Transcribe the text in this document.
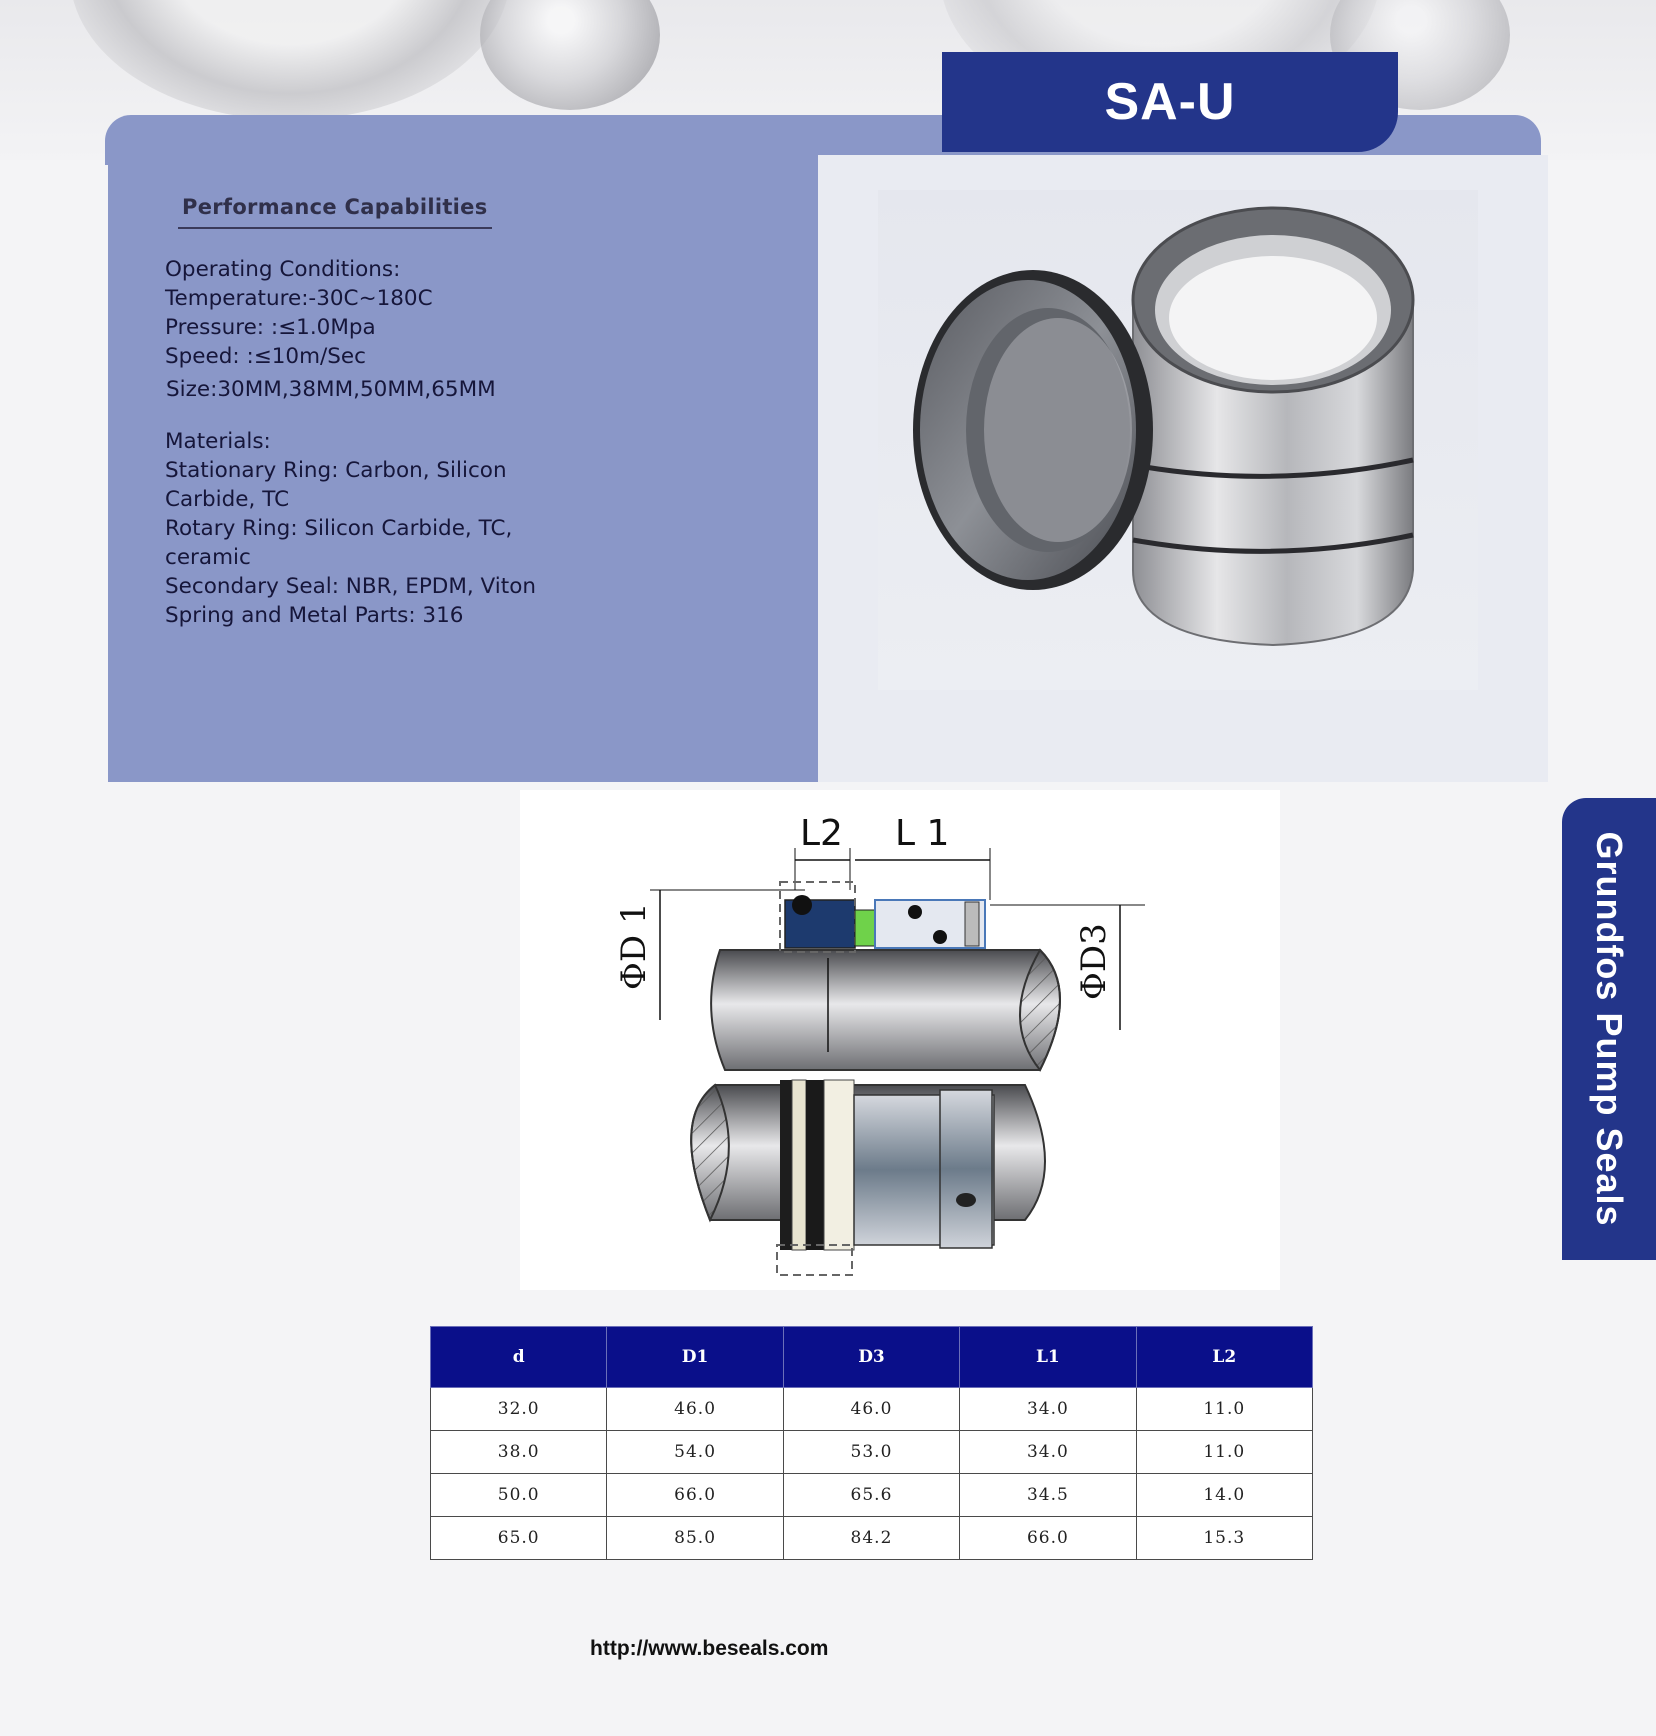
SA-U
Performance Capabilities
Operating Conditions:
Temperature:-30C~180C
Pressure: :≤1.0Mpa
Speed: :≤10m/Sec
Size:30MM,38MM,50MM,65MM
Materials:
Stationary Ring: Carbon, Silicon
Carbide, TC
Rotary Ring: Silicon Carbide, TC,
ceramic
Secondary Seal: NBR, EPDM, Viton
Spring and Metal Parts: 316
Grundfos Pump Seals
L2 L 1
ΦD 1	ΦD3
d	D1	D3	L1	L2
32.0	46.0	46.0	34.0	11.0
38.0	54.0	53.0	34.0	11.0
50.0	66.0	65.6	34.5	14.0
65.0	85.0	84.2	66.0	15.3
http://www.beseals.com
